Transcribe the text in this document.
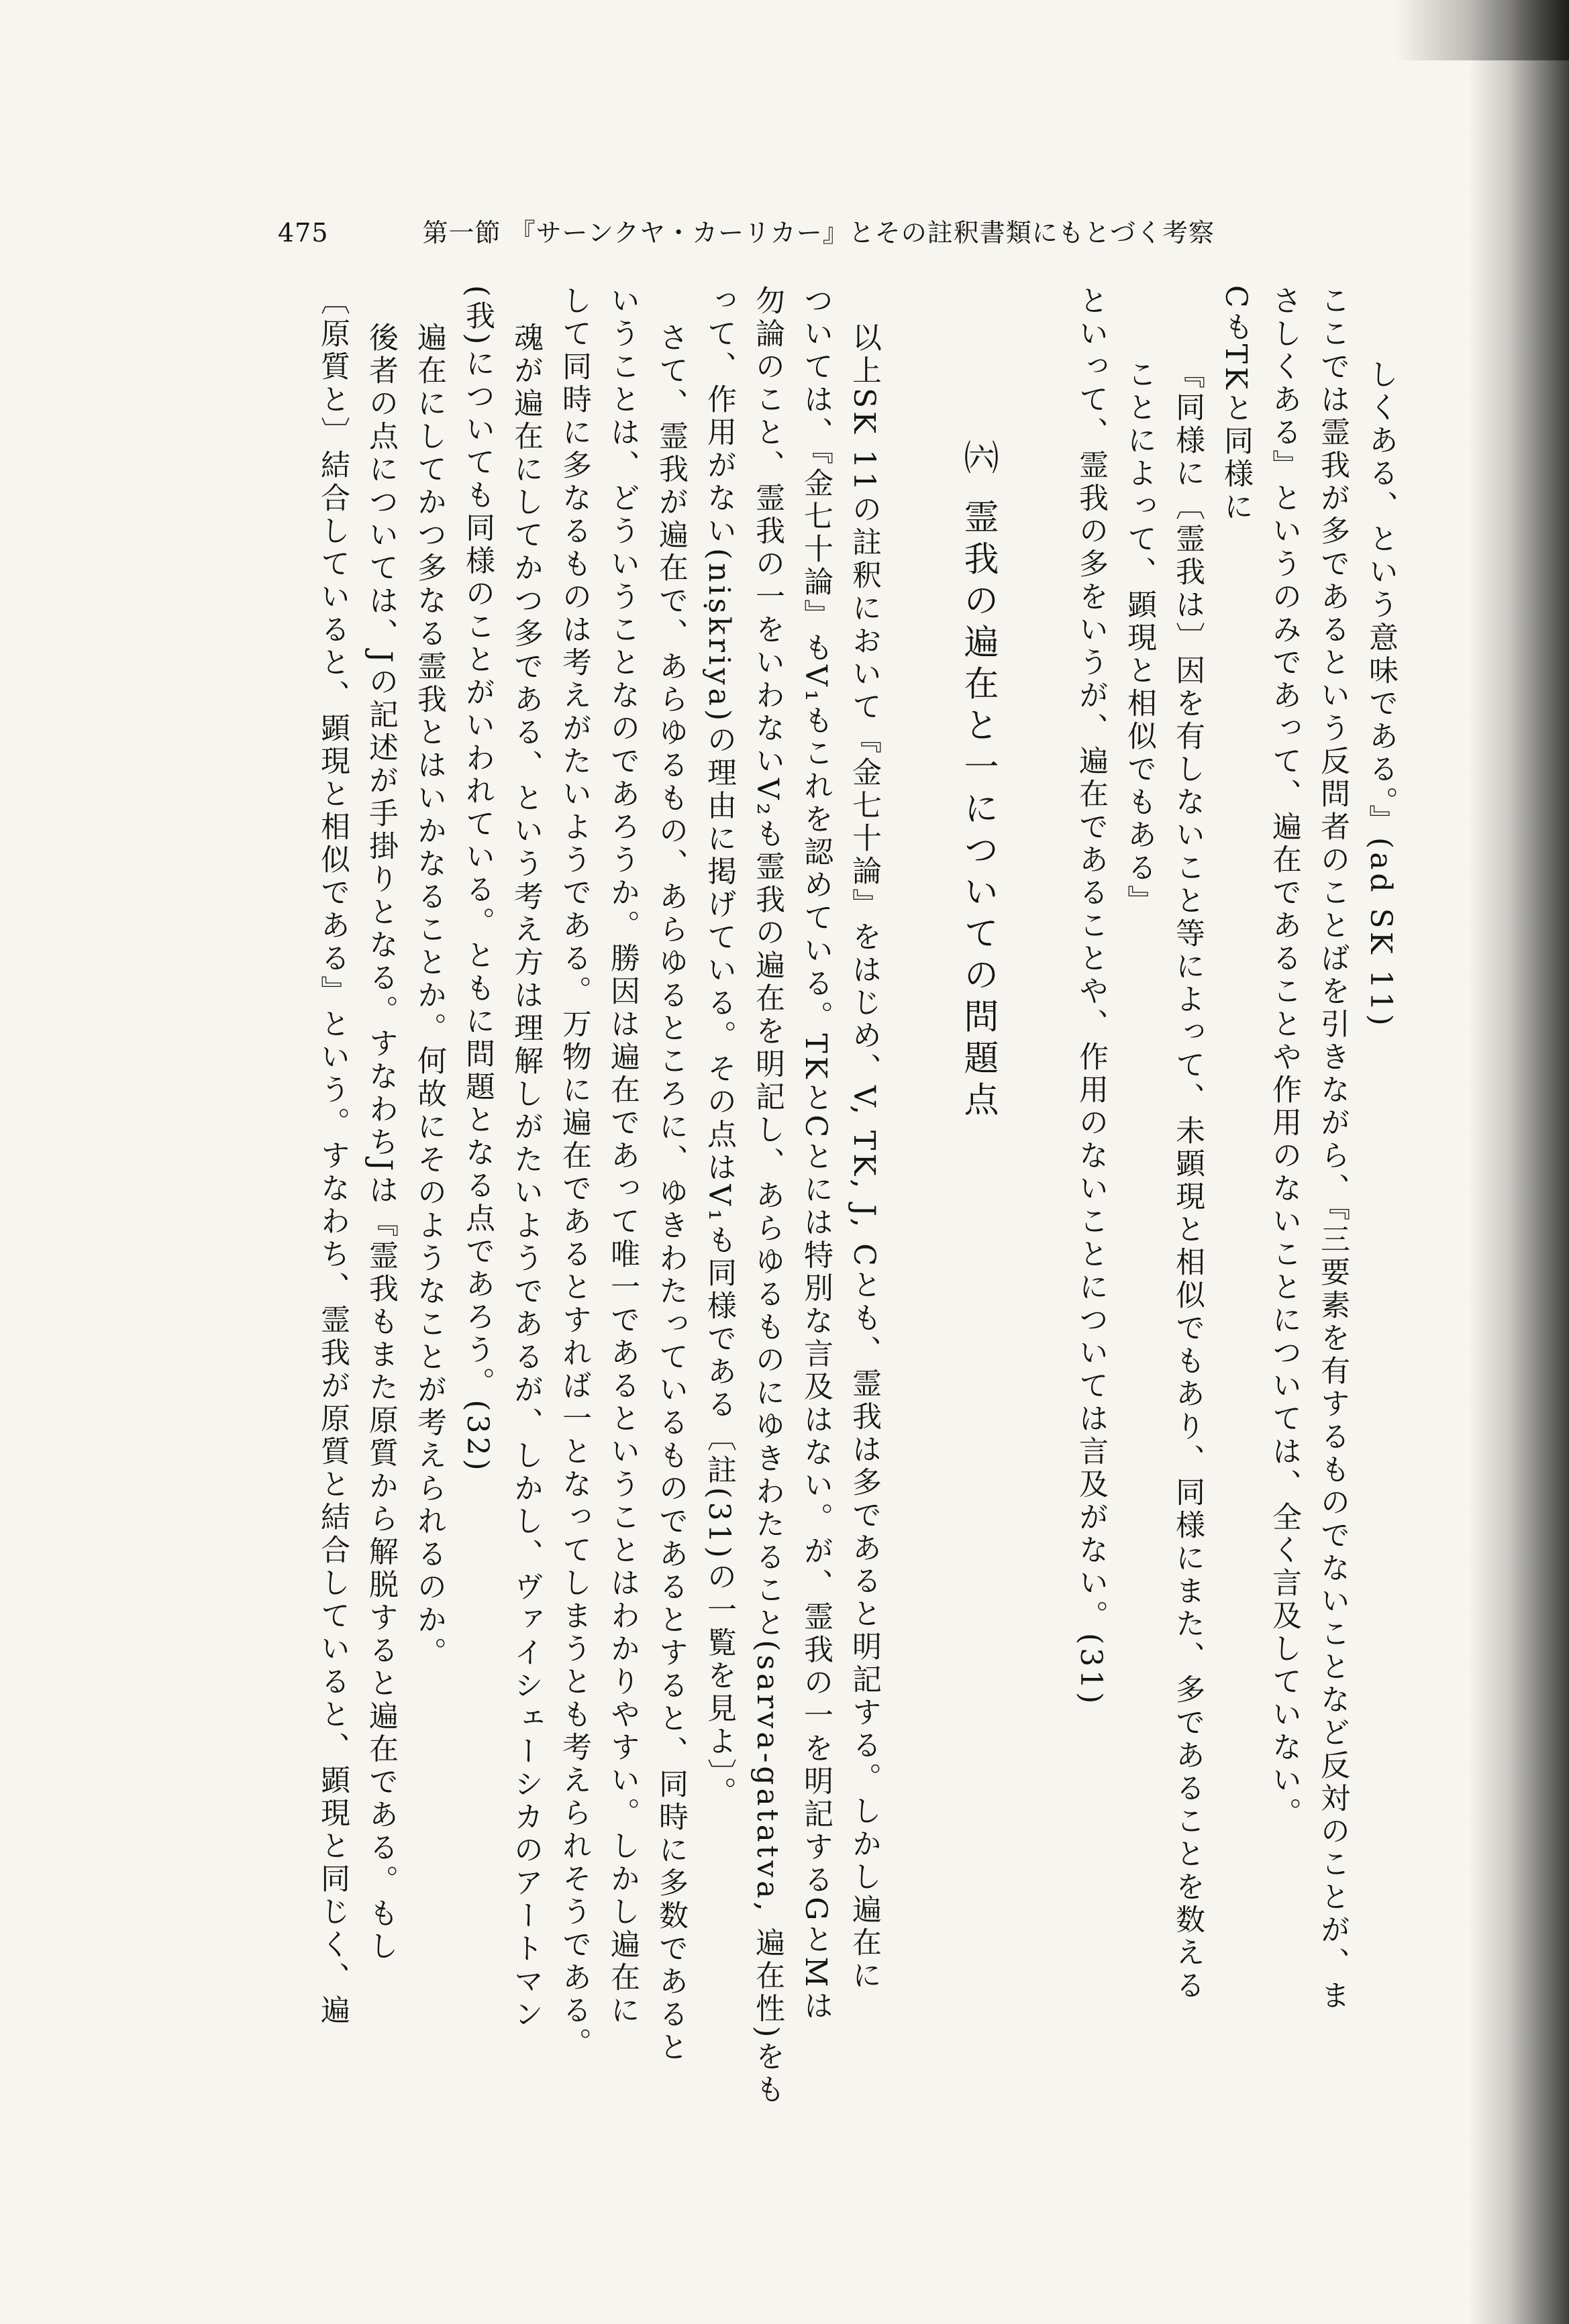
475	第一節 『サーンクヤ・カーリカー』とその註釈書類にもとづく考察
しくある、という意味である。』(ad SK 11)
ここでは霊我が多であるという反問者のことばを引きながら、『三要素を有するものでないことなど反対のことが、ま
さしくある』というのみであって、遍在であることや作用のないことについては、全く言及していない。
CもTKと同様に
『同様に〔霊我は〕因を有しないこと等によって、未顕現と相似でもあり、同様にまた、多であることを数える
ことによって、顕現と相似でもある』
といって、霊我の多をいうが、遍在であることや、作用のないことについては言及がない。(31)
㈥ 霊我の遍在と一についての問題点
以上SK 11の註釈において『金七十論』をはじめ、V, TK, J, Cとも、霊我は多であると明記する。しかし遍在に
ついては、『金七十論』もV₁もこれを認めている。TKとCとには特別な言及はない。が、霊我の一を明記するGとMは
勿論のこと、霊我の一をいわないV₂も霊我の遍在を明記し、あらゆるものにゆきわたること(sarva-gatatva, 遍在性)をも
って、作用がない(niṣkriya)の理由に掲げている。その点はV₁も同様である〔註(31)の一覧を見よ〕。
さて、霊我が遍在で、あらゆるもの、あらゆるところに、ゆきわたっているものであるとすると、同時に多数であると
いうことは、どういうことなのであろうか。勝因は遍在であって唯一であるということはわかりやすい。しかし遍在に
して同時に多なるものは考えがたいようである。万物に遍在であるとすれば一となってしまうとも考えられそうである。
魂が遍在にしてかつ多である、という考え方は理解しがたいようであるが、しかし、ヴァイシェーシカのアートマン
(我)についても同様のことがいわれている。ともに問題となる点であろう。(32)
遍在にしてかつ多なる霊我とはいかなることか。何故にそのようなことが考えられるのか。
後者の点については、Jの記述が手掛りとなる。すなわちJは『霊我もまた原質から解脱すると遍在である。もし
〔原質と〕結合していると、顕現と相似である』という。すなわち、霊我が原質と結合していると、顕現と同じく、遍
